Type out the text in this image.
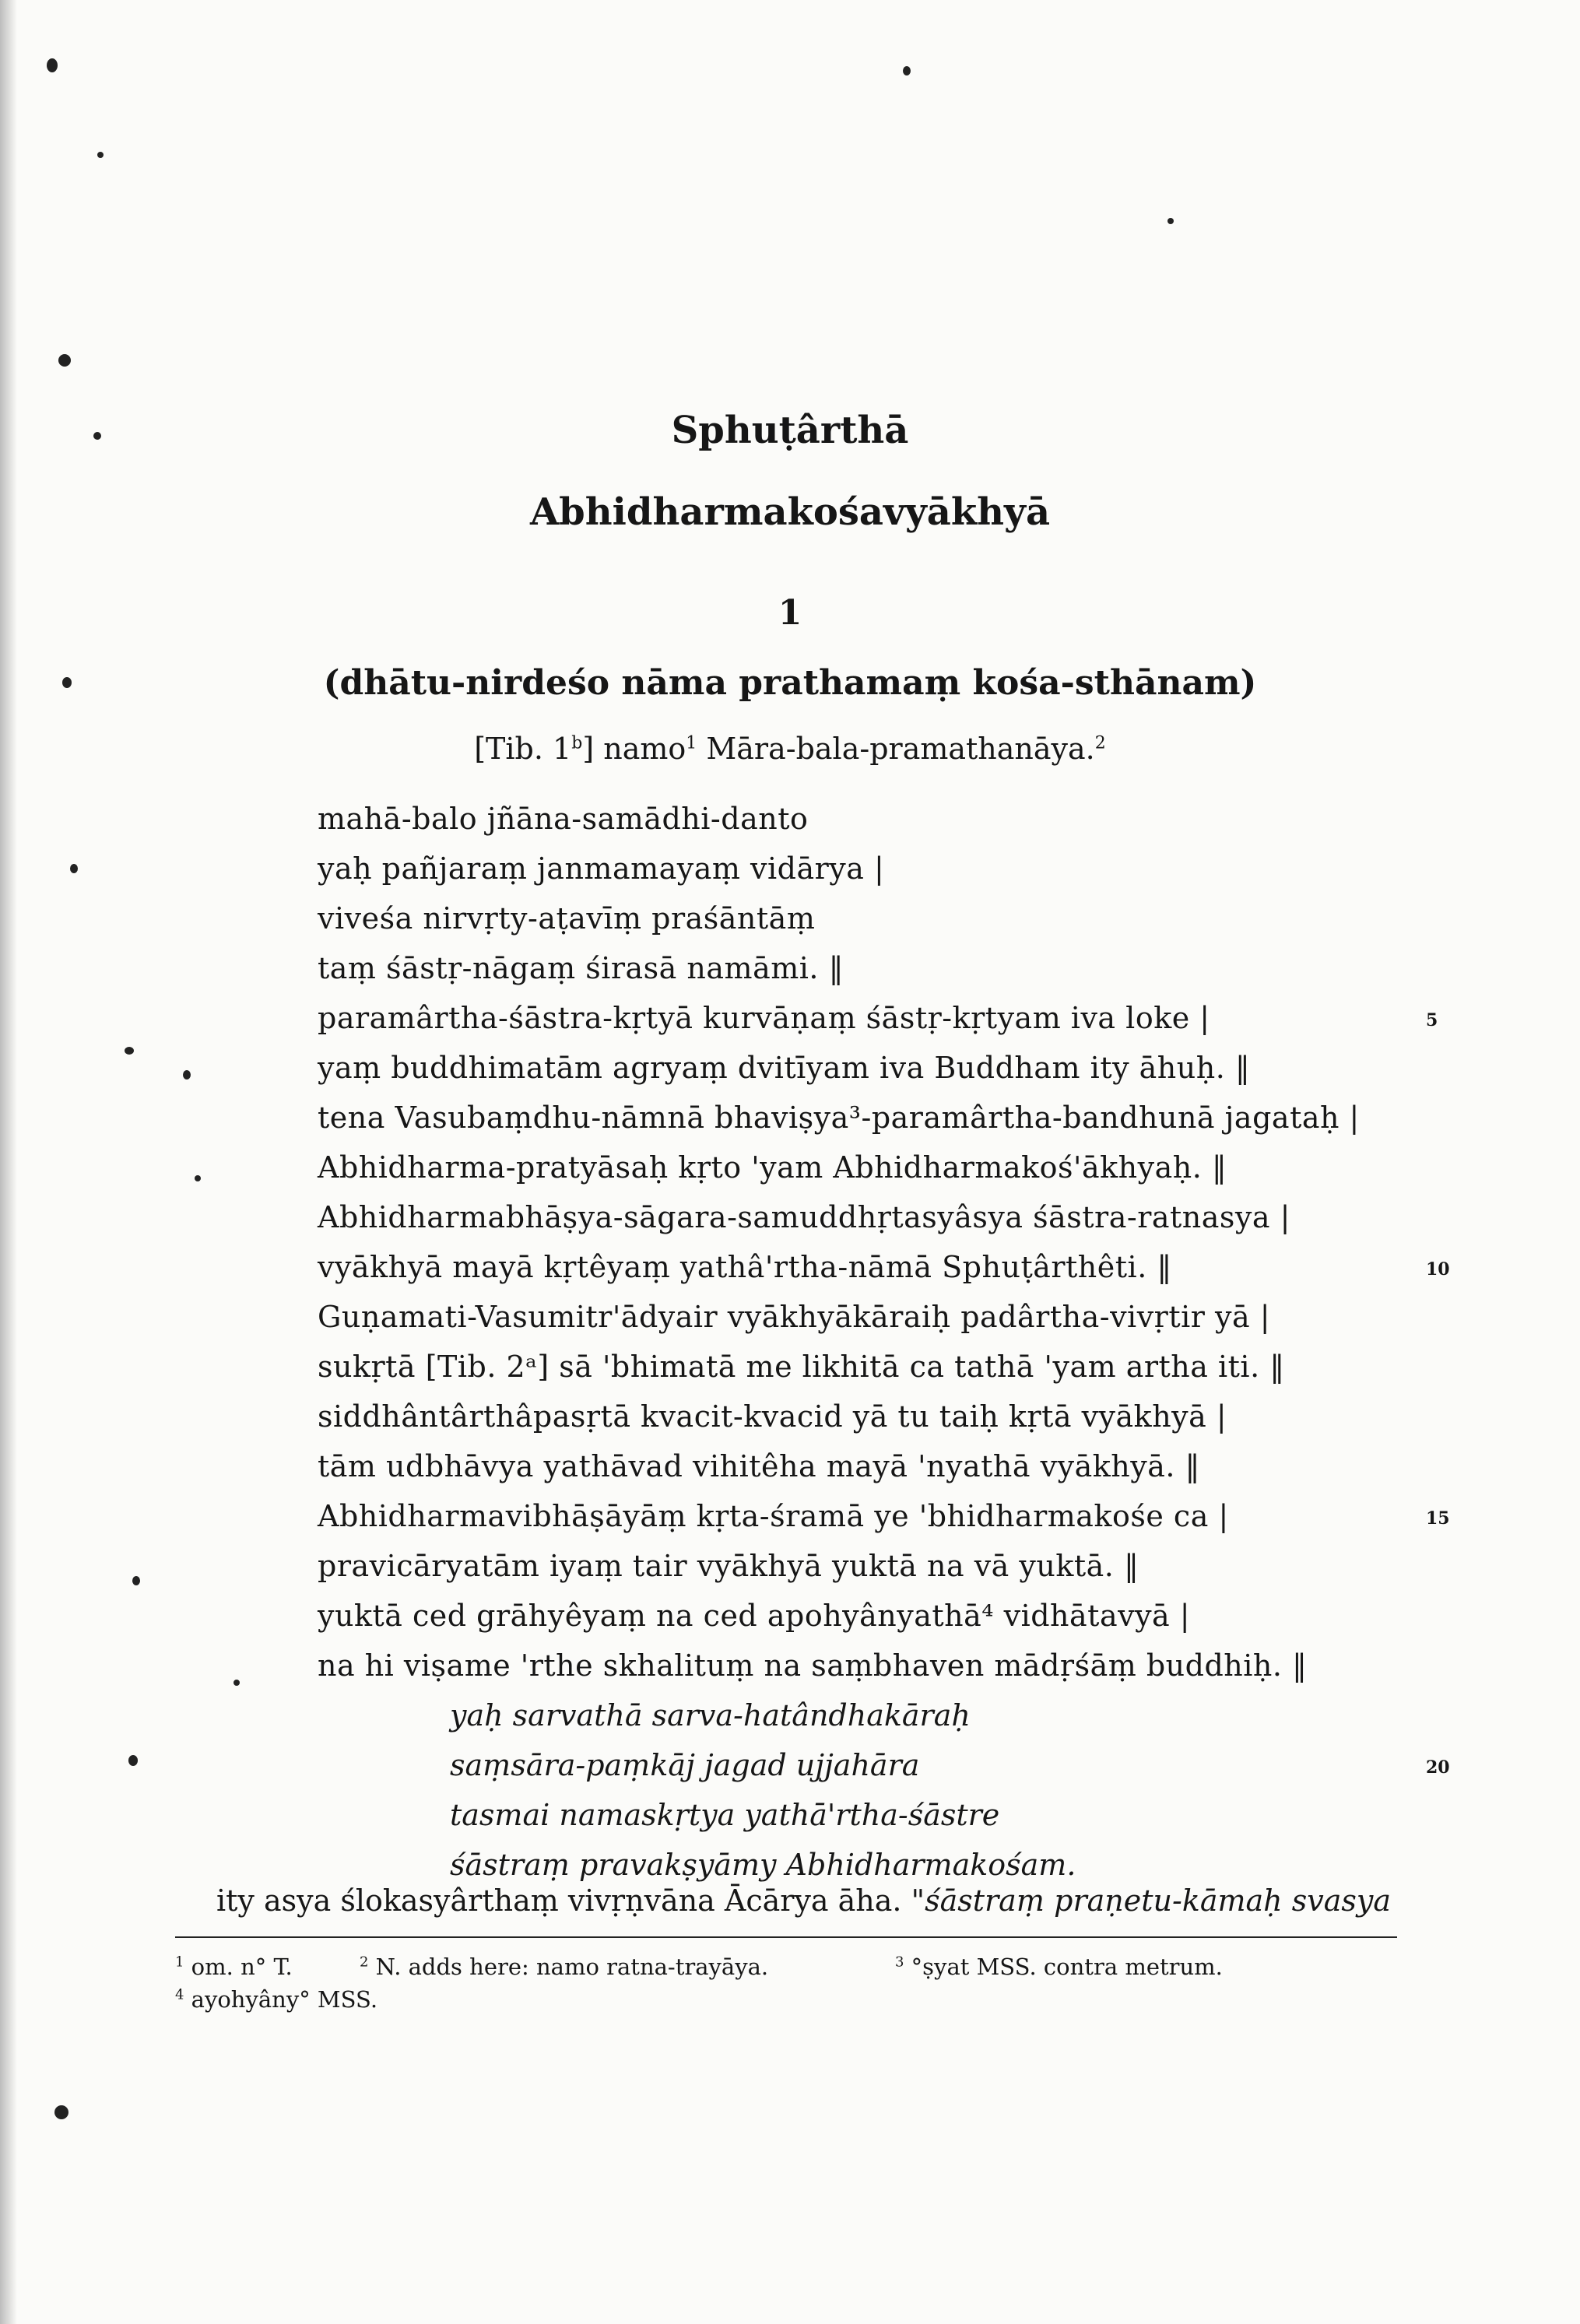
Sphuṭârthā
Abhidharmakośavyākhyā
1
(dhātu-nirdeśo nāma prathamaṃ kośa-sthānam)
[Tib. 1$^b$] namo$^1$ Māra-bala-pramathanāya.$^2$
mahā-balo jñāna-samādhi-danto
yaḥ pañjaraṃ janmamayaṃ vidārya |
viveśa nirvṛty-aṭavīṃ praśāntāṃ
taṃ śāstṛ-nāgaṃ śirasā namāmi. ‖
paramârtha-śāstra-kṛtyā kurvāṇaṃ śāstṛ-kṛtyam iva loke |
yaṃ buddhimatām agryaṃ dvitīyam iva Buddham ity āhuḥ. ‖
tena Vasubaṃdhu-nāmnā bhaviṣya³-paramârtha-bandhunā jagataḥ |
Abhidharma-pratyāsaḥ kṛto 'yam Abhidharmakoś'ākhyaḥ. ‖
Abhidharmabhāṣya-sāgara-samuddhṛtasyâsya śāstra-ratnasya |
vyākhyā mayā kṛtêyaṃ yathâ'rtha-nāmā Sphuṭârthêti. ‖
Guṇamati-Vasumitr'ādyair vyākhyākāraiḥ padârtha-vivṛtir yā |
sukṛtā [Tib. 2ᵃ] sā 'bhimatā me likhitā ca tathā 'yam artha iti. ‖
siddhântârthâpasṛtā kvacit-kvacid yā tu taiḥ kṛtā vyākhyā |
tām udbhāvya yathāvad vihitêha mayā 'nyathā vyākhyā. ‖
Abhidharmavibhāṣāyāṃ kṛta-śramā ye 'bhidharmakośe ca |
pravicāryatām iyaṃ tair vyākhyā yuktā na vā yuktā. ‖
yuktā ced grāhyêyaṃ na ced apohyânyathā⁴ vidhātavyā |
na hi viṣame 'rthe skhalituṃ na saṃbhaven mādṛśāṃ buddhiḥ. ‖
yaḥ sarvathā sarva-hatândhakāraḥ
saṃsāra-paṃkāj jagad ujjahāra
tasmai namaskṛtya yathā'rtha-śāstre
ity asya ślokasyârthaṃ vivṛṇvāna Ācārya āha. "śāstraṃ praṇetu-kāmaḥ svasya
5
10
15
20
$^1$ om. n° T.	$^2$ N. adds here: namo ratna-trayāya.	$^3$ °ṣyat MSS. contra metrum.
$^4$ ayohyâny° MSS.
śāstraṃ pravakṣyāmy Abhidharmakośam.
